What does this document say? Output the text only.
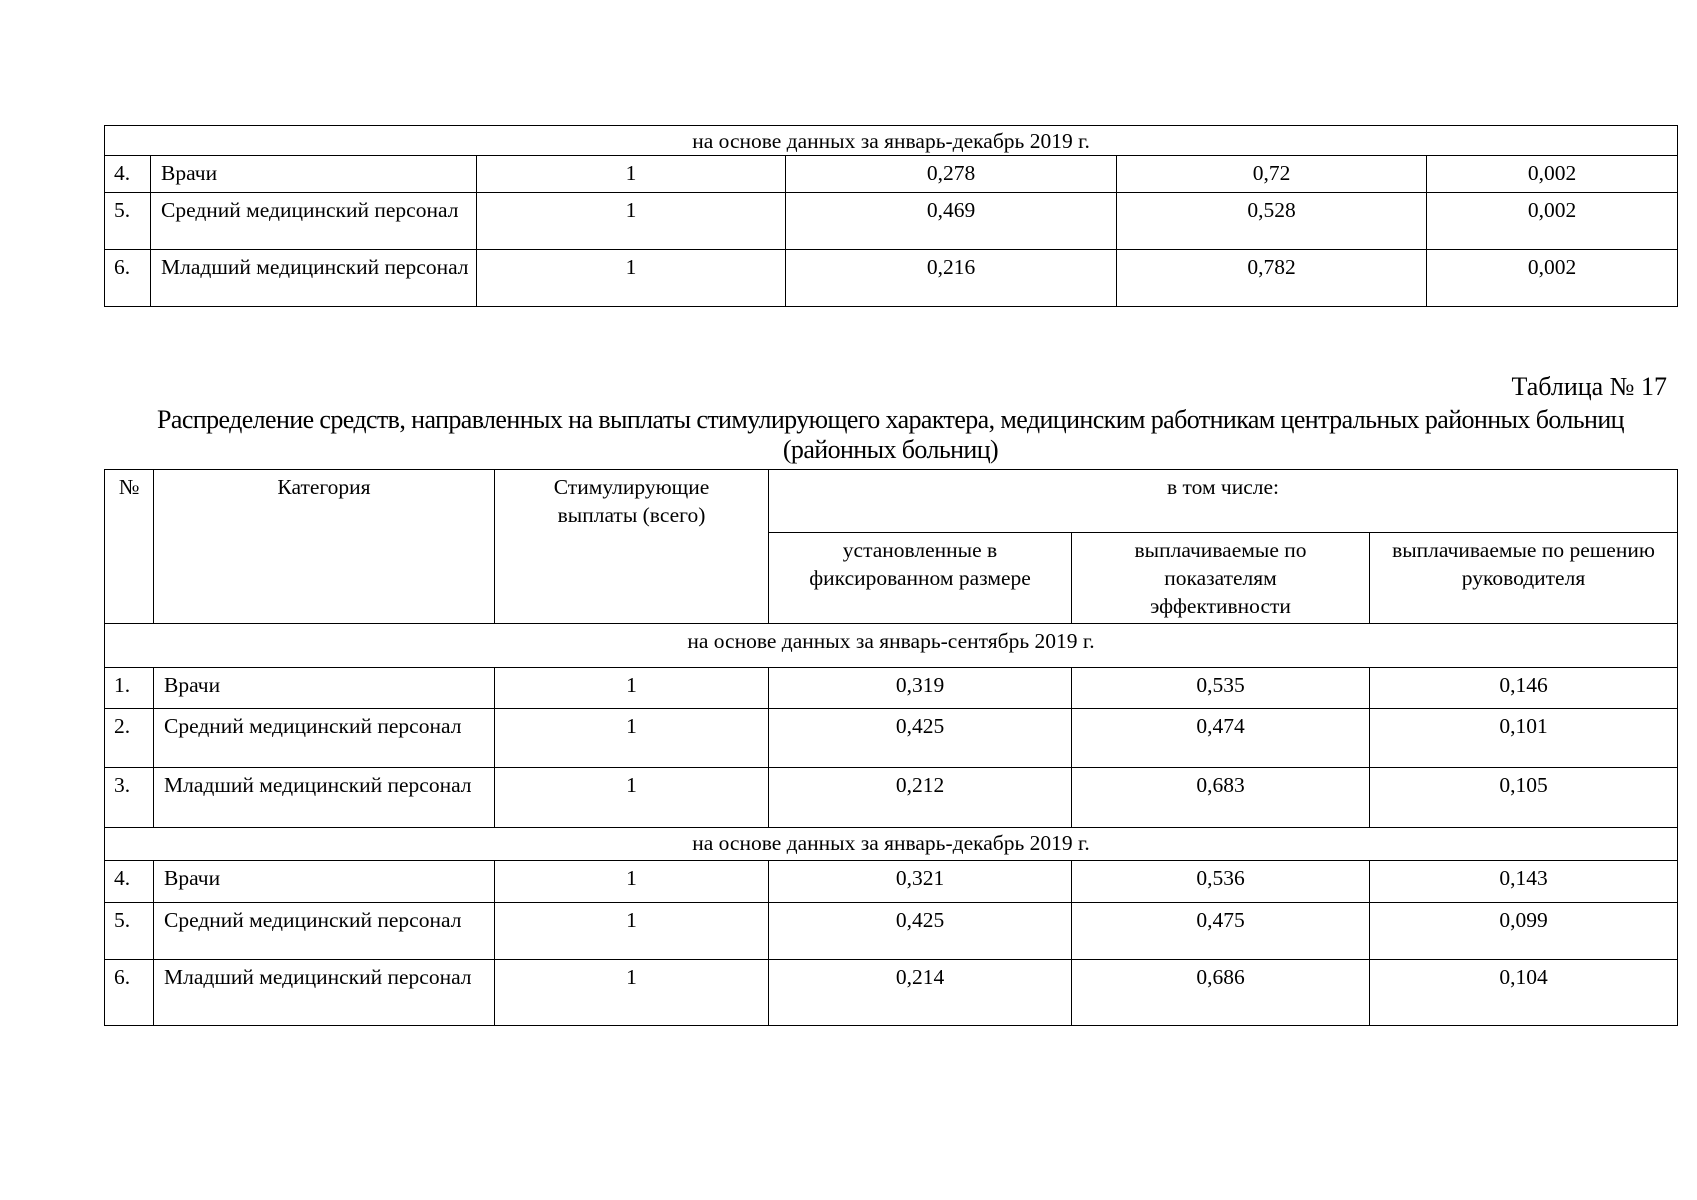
на основе данных за январь-декабрь 2019 г.					
4.	Врачи	1	0,278	0,72	0,002
5.	Средний медицинский персонал	1	0,469	0,528	0,002
6.	Младший медицинский персонал	1	0,216	0,782	0,002
Таблица № 17
Распределение средств, направленных на выплаты стимулирующего характера, медицинским работникам центральных районных больниц (районных больниц)
№	Категория	Стимулирующие выплаты (всего)	в том числе:		
			установленные в фиксированном размере	выплачиваемые по показателям эффективности	выплачиваемые по решению руководителя
на основе данных за январь-сентябрь 2019 г.					
1.	Врачи	1	0,319	0,535	0,146
2.	Средний медицинский персонал	1	0,425	0,474	0,101
3.	Младший медицинский персонал	1	0,212	0,683	0,105
на основе данных за январь-декабрь 2019 г.					
4.	Врачи	1	0,321	0,536	0,143
5.	Средний медицинский персонал	1	0,425	0,475	0,099
6.	Младший медицинский персонал	1	0,214	0,686	0,104
